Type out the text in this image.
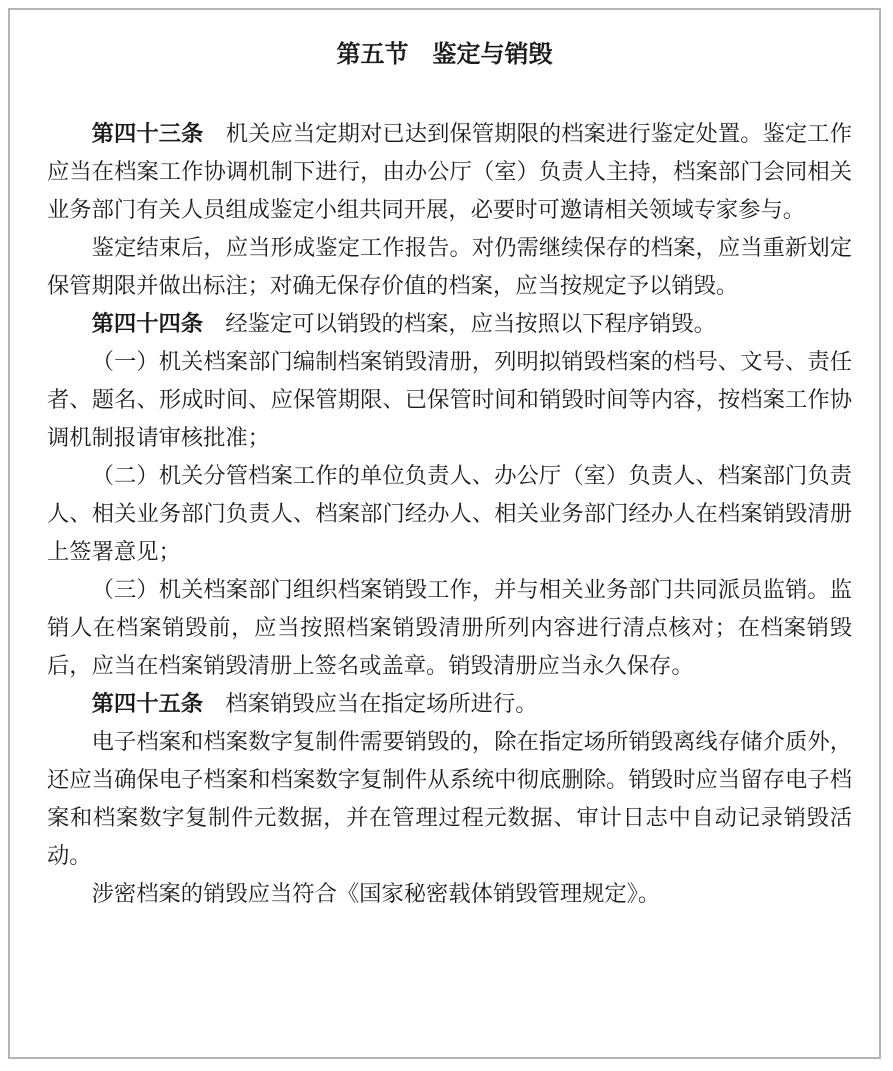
第五节　鉴定与销毁

第四十三条　 机关应当定期对已达到保管期限的档案进行鉴定处置。鉴定工作应当在档案工作协调机制下进行，由办公厅（室）负责人主持，档案部门会同相关业务部门有关人员组成鉴定小组共同开展，必要时可邀请相关领域专家参与。

鉴定结束后，应当形成鉴定工作报告。对仍需继续保存的档案，应当重新划定保管期限并做出标注；对确无保存价值的档案，应当按规定予以销毁。

第四十四条　 经鉴定可以销毁的档案，应当按照以下程序销毁。

（一）机关档案部门编制档案销毁清册，列明拟销毁档案的档号、文号、责任者、题名、形成时间、应保管期限、已保管时间和销毁时间等内容，按档案工作协调机制报请审核批准；

（二）机关分管档案工作的单位负责人、办公厅（室）负责人、档案部门负责人、相关业务部门负责人、档案部门经办人、相关业务部门经办人在档案销毁清册上签署意见；

（三）机关档案部门组织档案销毁工作，并与相关业务部门共同派员监销。监销人在档案销毁前，应当按照档案销毁清册所列内容进行清点核对；在档案销毁后，应当在档案销毁清册上签名或盖章。销毁清册应当永久保存。

第四十五条　 档案销毁应当在指定场所进行。

电子档案和档案数字复制件需要销毁的，除在指定场所销毁离线存储介质外，还应当确保电子档案和档案数字复制件从系统中彻底删除。销毁时应当留存电子档案和档案数字复制件元数据，并在管理过程元数据、审计日志中自动记录销毁活动。

涉密档案的销毁应当符合《国家秘密载体销毁管理规定》。
